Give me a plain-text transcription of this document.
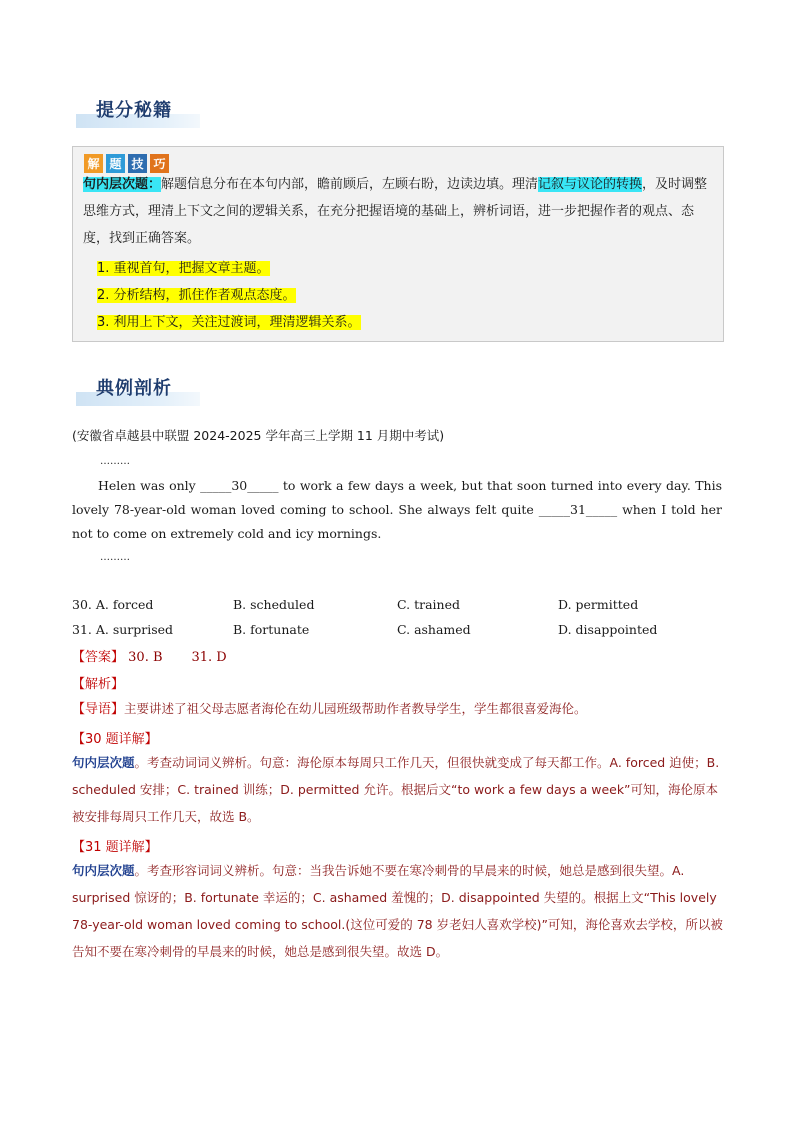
提分秘籍
解 题 技 巧
句内层次题：解题信息分布在本句内部，瞻前顾后，左顾右盼，边读边填。理清记叙与议论的转换，及时调整思维方式，理清上下文之间的逻辑关系，在充分把握语境的基础上，辨析词语，进一步把握作者的观点、态度，找到正确答案。
1. 重视首句，把握文章主题。
2. 分析结构，抓住作者观点态度。
3. 利用上下文，关注过渡词，理清逻辑关系。
典例剖析
(安徽省卓越县中联盟 2024-2025 学年高三上学期 11 月期中考试)
………
Helen was only _____30_____ to work a few days a week, but that soon turned into every day. This lovely 78-year-old woman loved coming to school. She always felt quite _____31_____ when I told her not to come on extremely cold and icy mornings.
………
30. A. forced	B. scheduled	C. trained	D. permitted
31. A. surprised	B. fortunate	C. ashamed	D. disappointed
【答案】 30. B       31. D
【解析】
【导语】主要讲述了祖父母志愿者海伦在幼儿园班级帮助作者教导学生，学生都很喜爱海伦。
【30 题详解】
句内层次题。考查动词词义辨析。句意：海伦原本每周只工作几天，但很快就变成了每天都工作。A. forced 迫使；B. scheduled 安排；C. trained 训练；D. permitted 允许。根据后文“to work a few days a week”可知，海伦原本被安排每周只工作几天，故选 B。
【31 题详解】
句内层次题。考查形容词词义辨析。句意：当我告诉她不要在寒冷刺骨的早晨来的时候，她总是感到很失望。A. surprised 惊讶的；B. fortunate 幸运的；C. ashamed 羞愧的；D. disappointed 失望的。根据上文“This lovely 78-year-old woman loved coming to school.(这位可爱的 78 岁老妇人喜欢学校)”可知，海伦喜欢去学校，所以被告知不要在寒冷刺骨的早晨来的时候，她总是感到很失望。故选 D。
